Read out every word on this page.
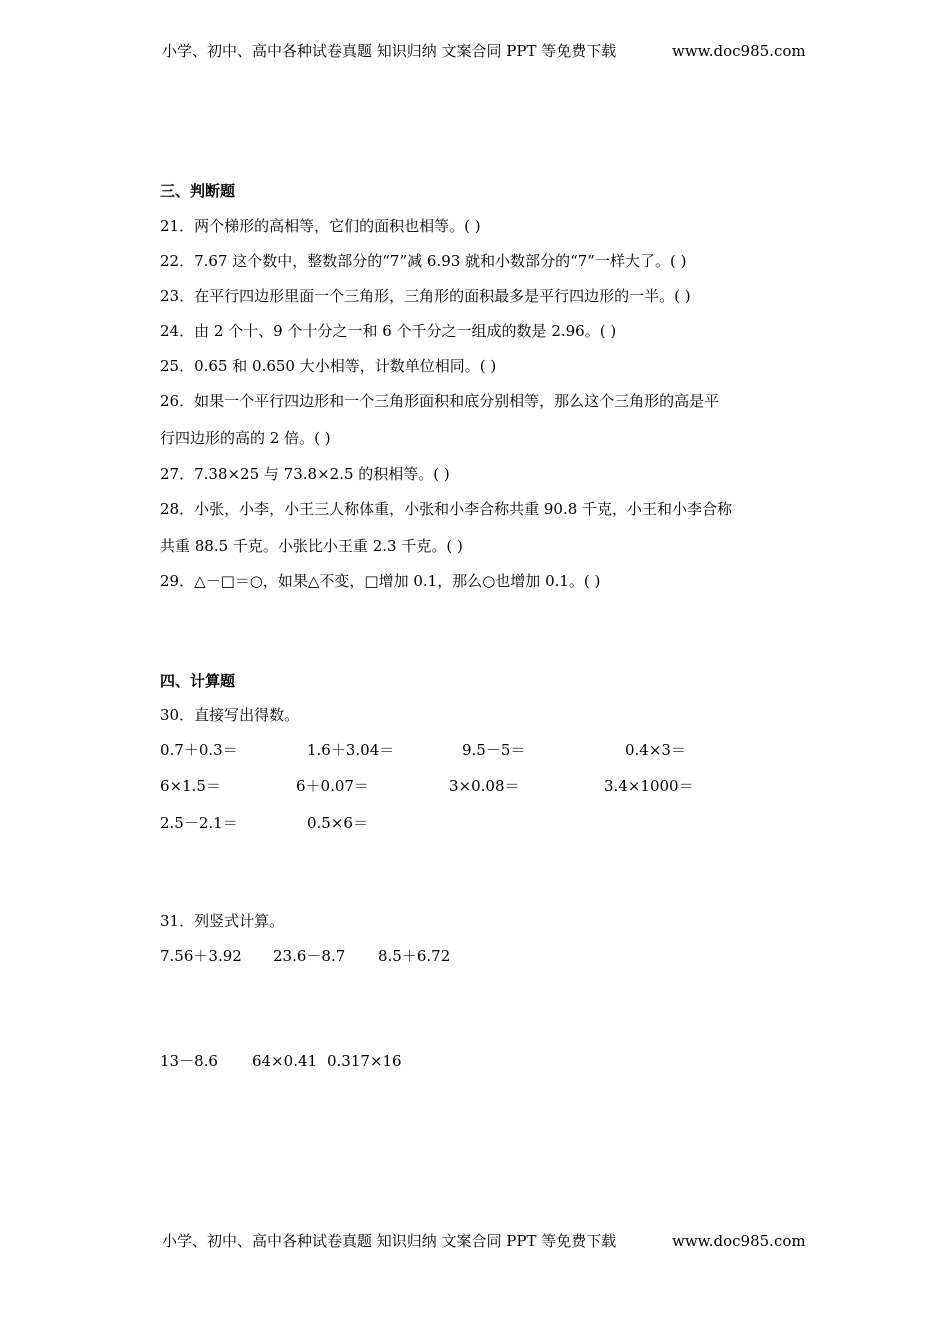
小学、初中、高中各种试卷真题 知识归纳 文案合同 PPT 等免费下载	www.doc985.com
三、判断题
21．两个梯形的高相等，它们的面积也相等。( )
22．7.67 这个数中，整数部分的“7”减 6.93 就和小数部分的“7”一样大了。( )
23．在平行四边形里面一个三角形，三角形的面积最多是平行四边形的一半。( )
24．由 2 个十、9 个十分之一和 6 个千分之一组成的数是 2.96。( )
25．0.65 和 0.650 大小相等，计数单位相同。( )
26．如果一个平行四边形和一个三角形面积和底分别相等，那么这个三角形的高是平
行四边形的高的 2 倍。( )
27．7.38×25 与 73.8×2.5 的积相等。( )
28．小张，小李，小王三人称体重，小张和小李合称共重 90.8 千克，小王和小李合称
共重 88.5 千克。小张比小王重 2.3 千克。( )
29．△－□＝○，如果△不变，□增加 0.1，那么○也增加 0.1。( )
四、计算题
30．直接写出得数。
0.7＋0.3＝	1.6＋3.04＝	9.5－5＝	0.4×3＝
6×1.5＝	6＋0.07＝	3×0.08＝	3.4×1000＝
2.5－2.1＝	0.5×6＝
31．列竖式计算。
7.56＋3.92 23.6－8.7 8.5＋6.72
13－8.6 64×0.41 0.317×16
小学、初中、高中各种试卷真题 知识归纳 文案合同 PPT 等免费下载	www.doc985.com
